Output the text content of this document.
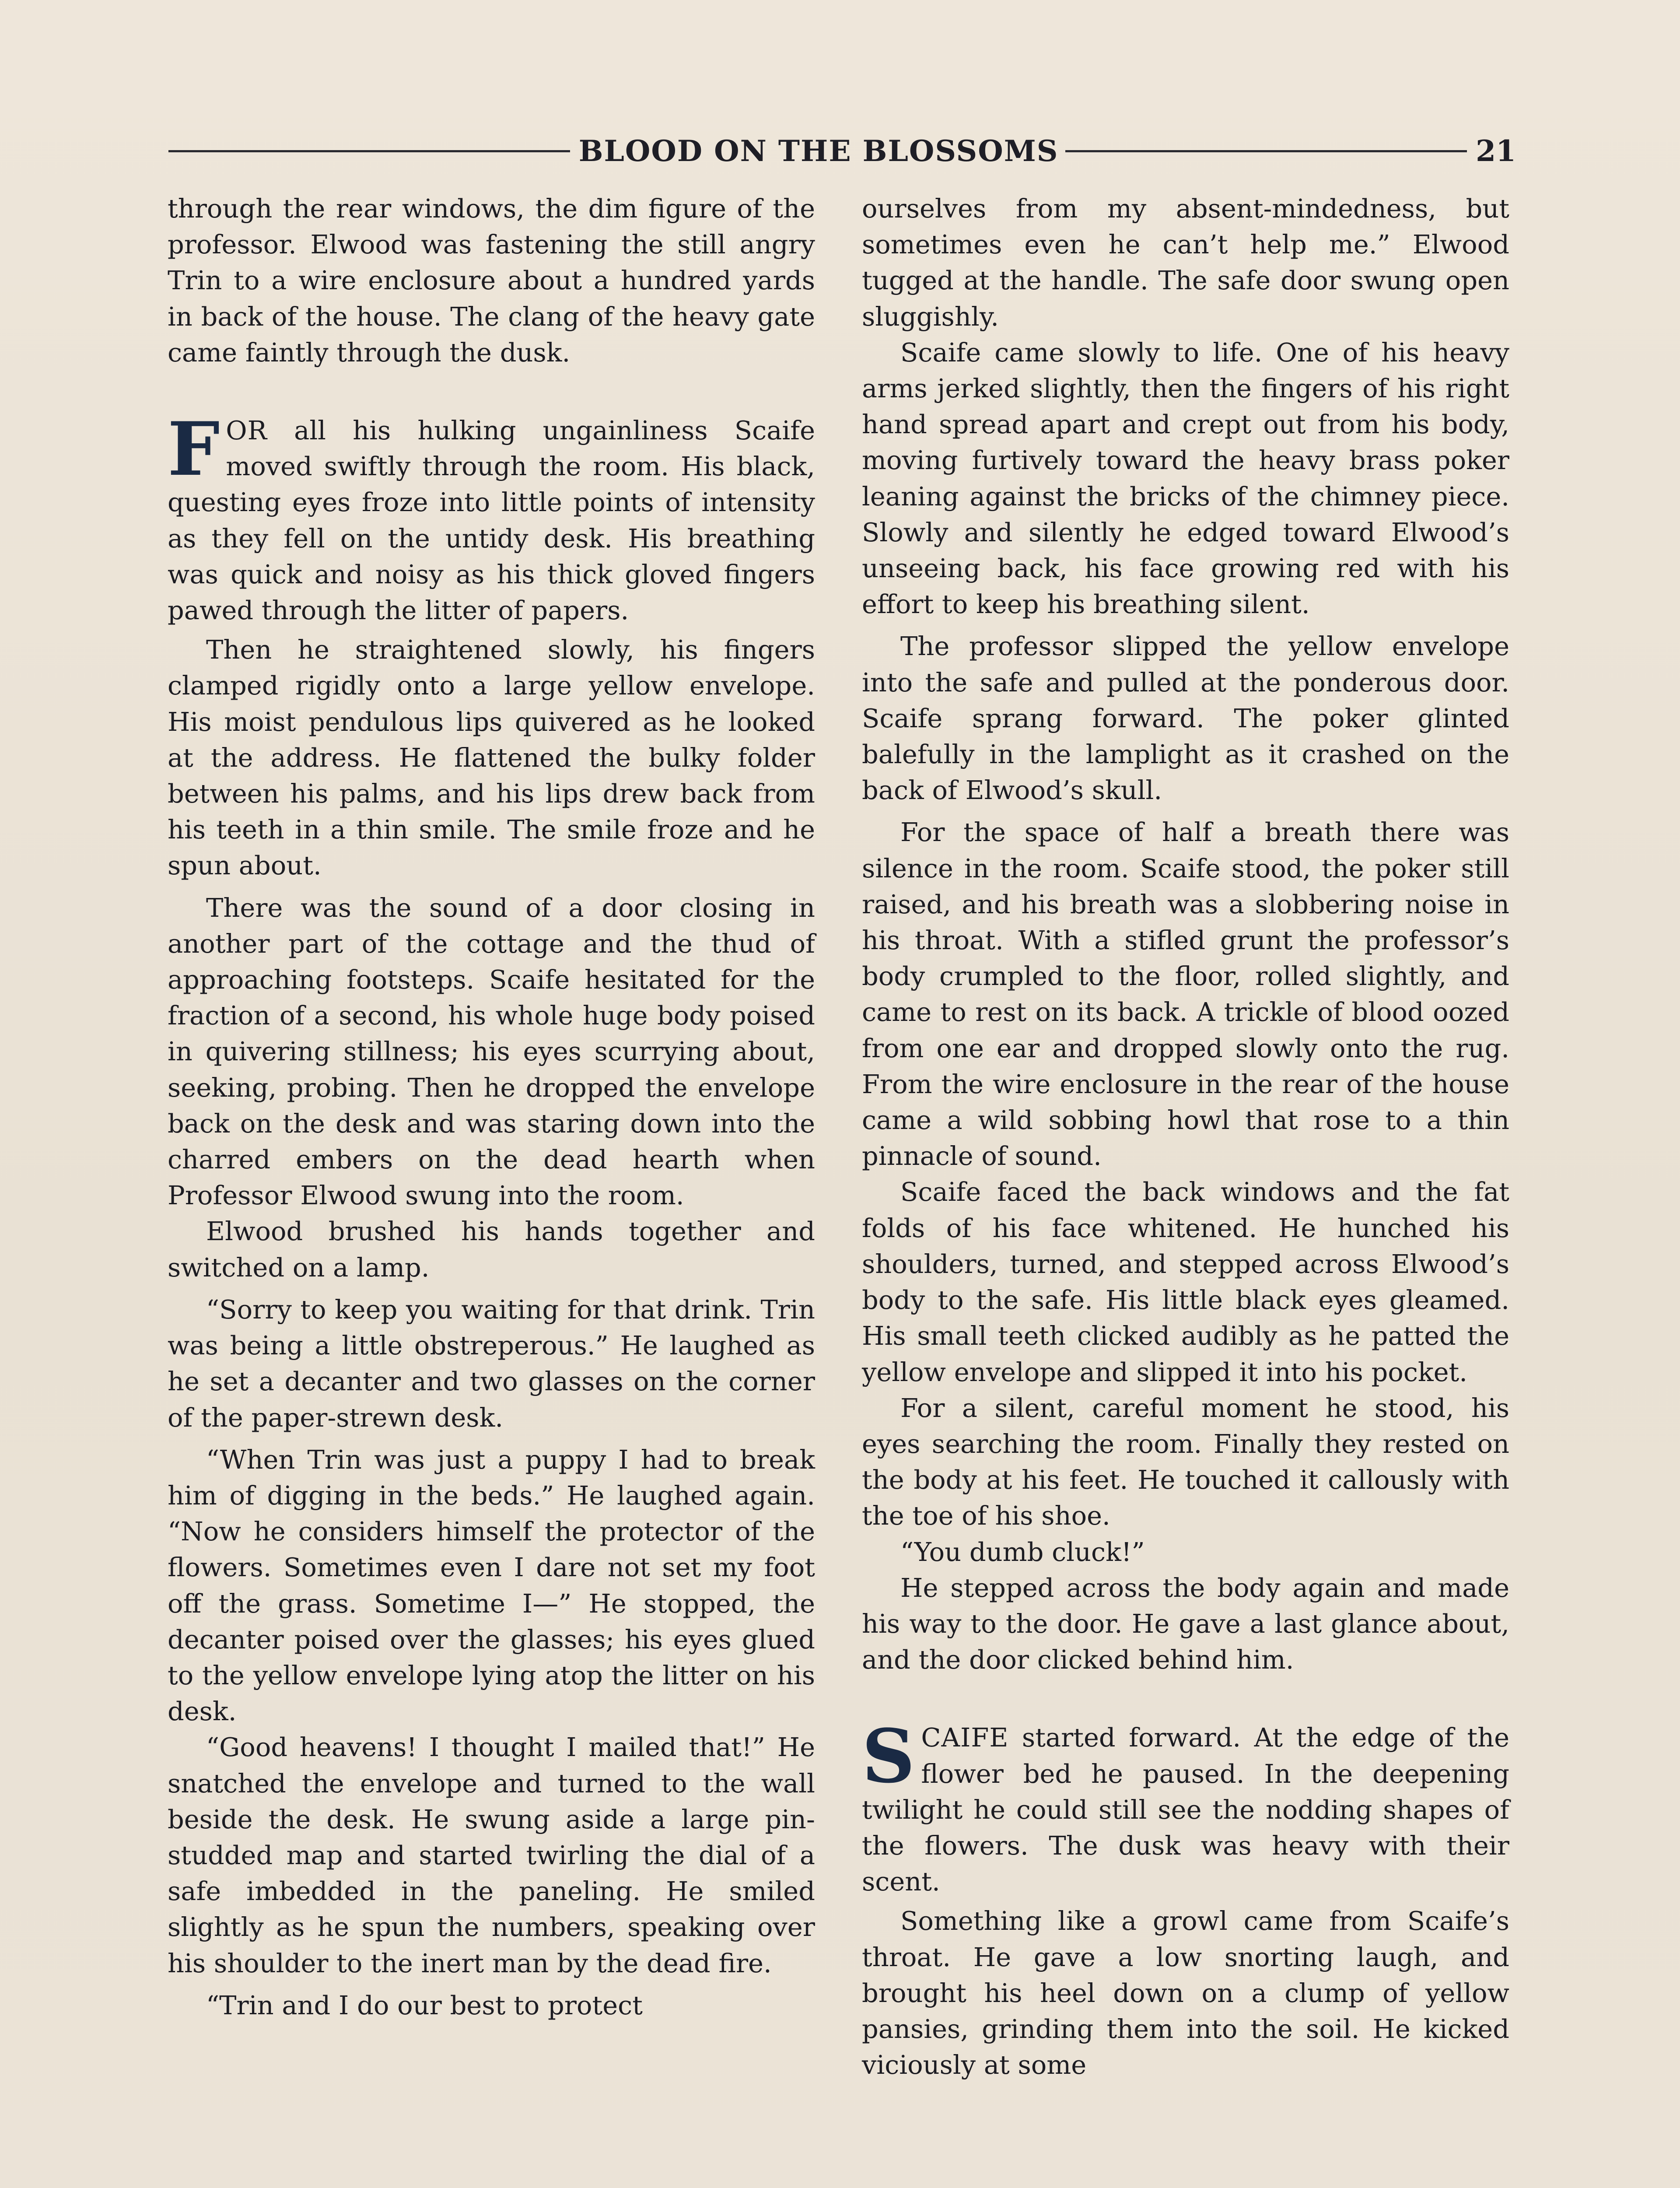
BLOOD ON THE BLOSSOMS	21

through the rear windows, the dim figure of the professor. Elwood was fastening the still angry Trin to a wire enclosure about a hundred yards in back of the house. The clang of the heavy gate came faintly through the dusk.

FOR all his hulking ungainliness Scaife moved swiftly through the room. His black, questing eyes froze into little points of intensity as they fell on the untidy desk. His breathing was quick and noisy as his thick gloved fingers pawed through the litter of papers.

Then he straightened slowly, his fingers clamped rigidly onto a large yellow envelope. His moist pendulous lips quivered as he looked at the address. He flattened the bulky folder between his palms, and his lips drew back from his teeth in a thin smile. The smile froze and he spun about.

There was the sound of a door closing in another part of the cottage and the thud of approaching footsteps. Scaife hesitated for the fraction of a second, his whole huge body poised in quivering stillness; his eyes scurrying about, seeking, probing. Then he dropped the envelope back on the desk and was staring down into the charred embers on the dead hearth when Professor Elwood swung into the room.

Elwood brushed his hands together and switched on a lamp.

“Sorry to keep you waiting for that drink. Trin was being a little obstreperous.” He laughed as he set a decanter and two glasses on the corner of the paper-strewn desk.

“When Trin was just a puppy I had to break him of digging in the beds.” He laughed again. “Now he considers himself the protector of the flowers. Sometimes even I dare not set my foot off the grass. Sometime I—” He stopped, the decanter poised over the glasses; his eyes glued to the yellow envelope lying atop the litter on his desk.

“Good heavens! I thought I mailed that!” He snatched the envelope and turned to the wall beside the desk. He swung aside a large pin-studded map and started twirling the dial of a safe imbedded in the paneling. He smiled slightly as he spun the numbers, speaking over his shoulder to the inert man by the dead fire.

“Trin and I do our best to protect

ourselves from my absent-mindedness, but sometimes even he can’t help me.” Elwood tugged at the handle. The safe door swung open sluggishly.

Scaife came slowly to life. One of his heavy arms jerked slightly, then the fingers of his right hand spread apart and crept out from his body, moving furtively toward the heavy brass poker leaning against the bricks of the chimney piece. Slowly and silently he edged toward Elwood’s unseeing back, his face growing red with his effort to keep his breathing silent.

The professor slipped the yellow envelope into the safe and pulled at the ponderous door. Scaife sprang forward. The poker glinted balefully in the lamplight as it crashed on the back of Elwood’s skull.

For the space of half a breath there was silence in the room. Scaife stood, the poker still raised, and his breath was a slobbering noise in his throat. With a stifled grunt the professor’s body crumpled to the floor, rolled slightly, and came to rest on its back. A trickle of blood oozed from one ear and dropped slowly onto the rug. From the wire enclosure in the rear of the house came a wild sobbing howl that rose to a thin pinnacle of sound.

Scaife faced the back windows and the fat folds of his face whitened. He hunched his shoulders, turned, and stepped across Elwood’s body to the safe. His little black eyes gleamed. His small teeth clicked audibly as he patted the yellow envelope and slipped it into his pocket.

For a silent, careful moment he stood, his eyes searching the room. Finally they rested on the body at his feet. He touched it callously with the toe of his shoe.

“You dumb cluck!”

He stepped across the body again and made his way to the door. He gave a last glance about, and the door clicked behind him.

SCAIFE started forward. At the edge of the flower bed he paused. In the deepening twilight he could still see the nodding shapes of the flowers. The dusk was heavy with their scent.

Something like a growl came from Scaife’s throat. He gave a low snorting laugh, and brought his heel down on a clump of yellow pansies, grinding them into the soil. He kicked viciously at some
